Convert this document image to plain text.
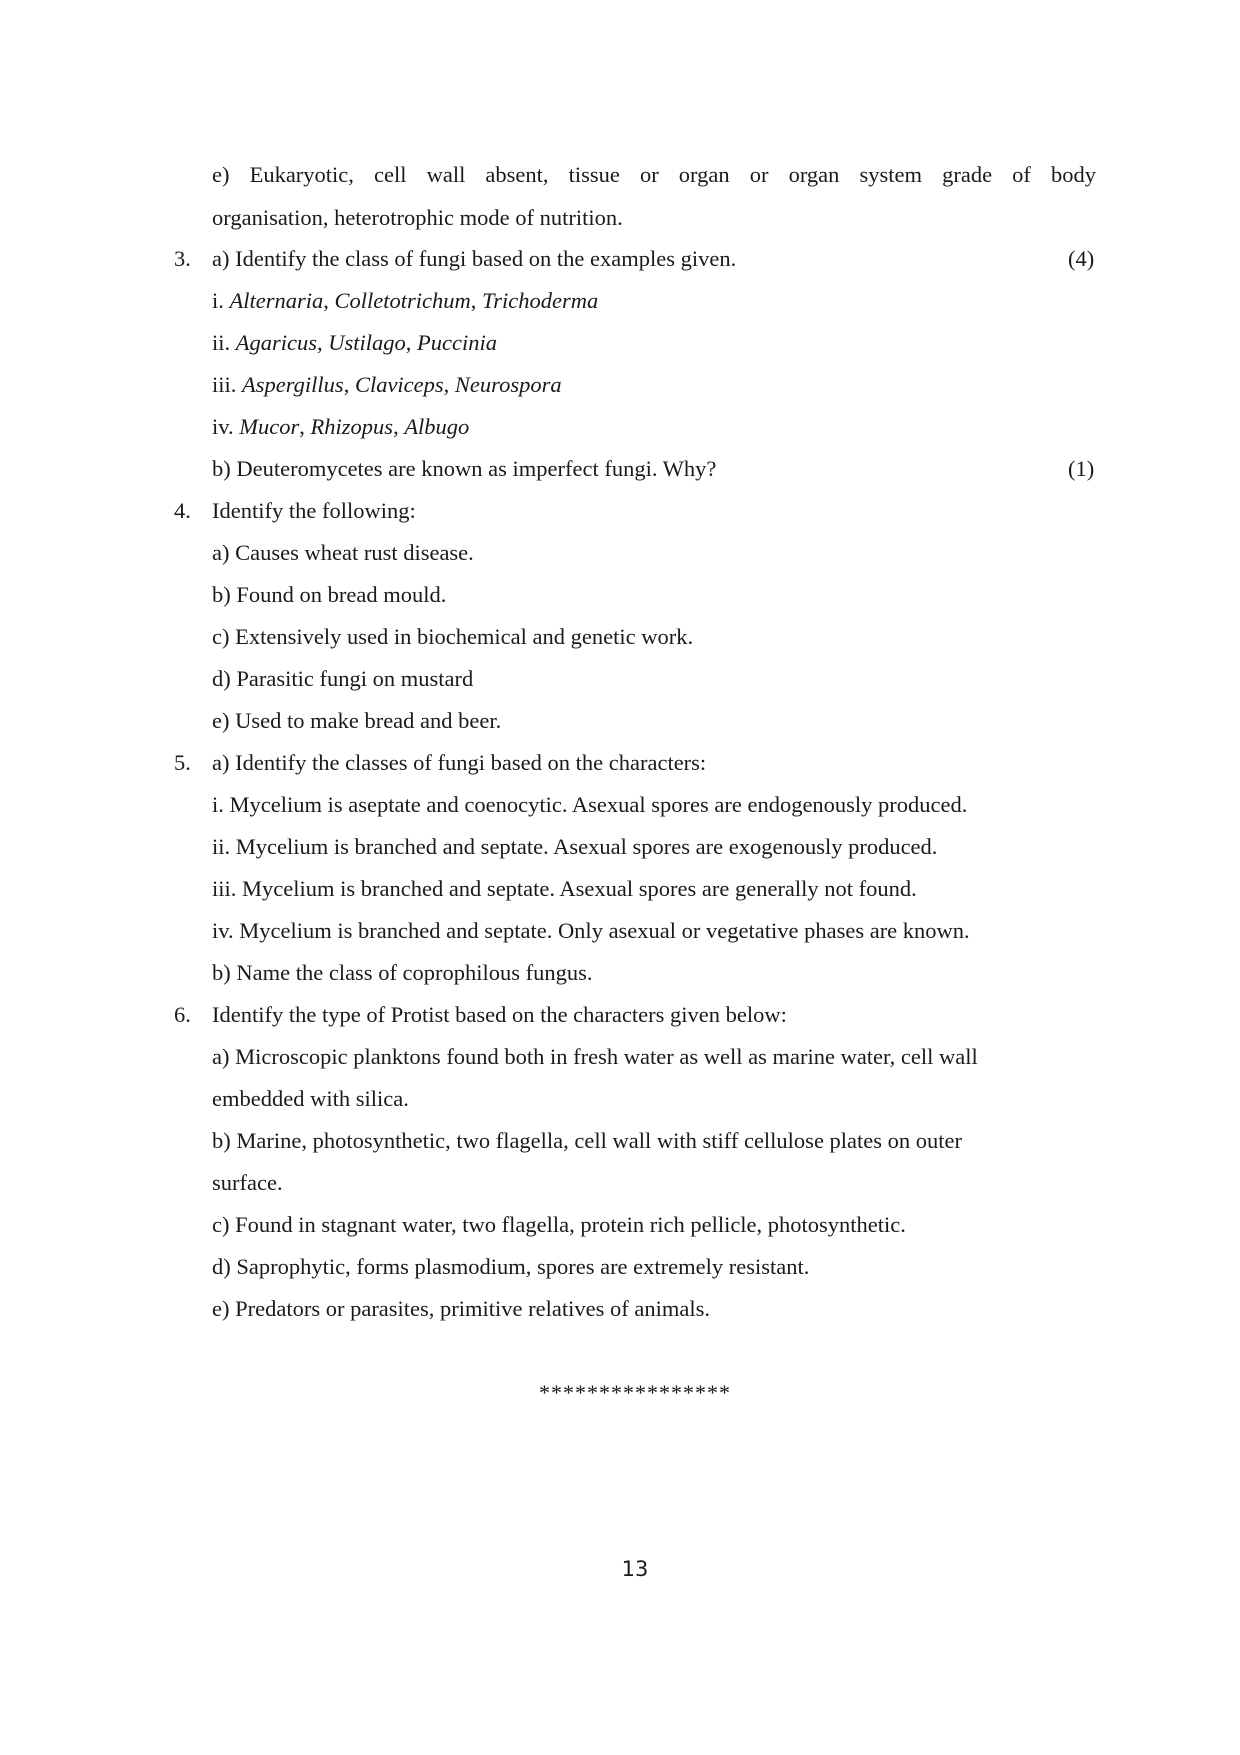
e) Eukaryotic, cell wall absent, tissue or organ or organ system grade of body
organisation, heterotrophic mode of nutrition.
3. a) Identify the class of fungi based on the examples given.	(4)
i. Alternaria, Colletotrichum, Trichoderma
ii. Agaricus, Ustilago, Puccinia
iii. Aspergillus, Claviceps, Neurospora
iv. Mucor, Rhizopus, Albugo
b) Deuteromycetes are known as imperfect fungi. Why?	(1)
4. Identify the following:
a) Causes wheat rust disease.
b) Found on bread mould.
c) Extensively used in biochemical and genetic work.
d) Parasitic fungi on mustard
e) Used to make bread and beer.
5. a) Identify the classes of fungi based on the characters:
i. Mycelium is aseptate and coenocytic. Asexual spores are endogenously produced.
ii. Mycelium is branched and septate. Asexual spores are exogenously produced.
iii. Mycelium is branched and septate. Asexual spores are generally not found.
iv. Mycelium is branched and septate. Only asexual or vegetative phases are known.
b) Name the class of coprophilous fungus.
6. Identify the type of Protist based on the characters given below:
a) Microscopic planktons found both in fresh water as well as marine water, cell wall
embedded with silica.
b) Marine, photosynthetic, two flagella, cell wall with stiff cellulose plates on outer
surface.
c) Found in stagnant water, two flagella, protein rich pellicle, photosynthetic.
d) Saprophytic, forms plasmodium, spores are extremely resistant.
e) Predators or parasites, primitive relatives of animals.
****************
13
